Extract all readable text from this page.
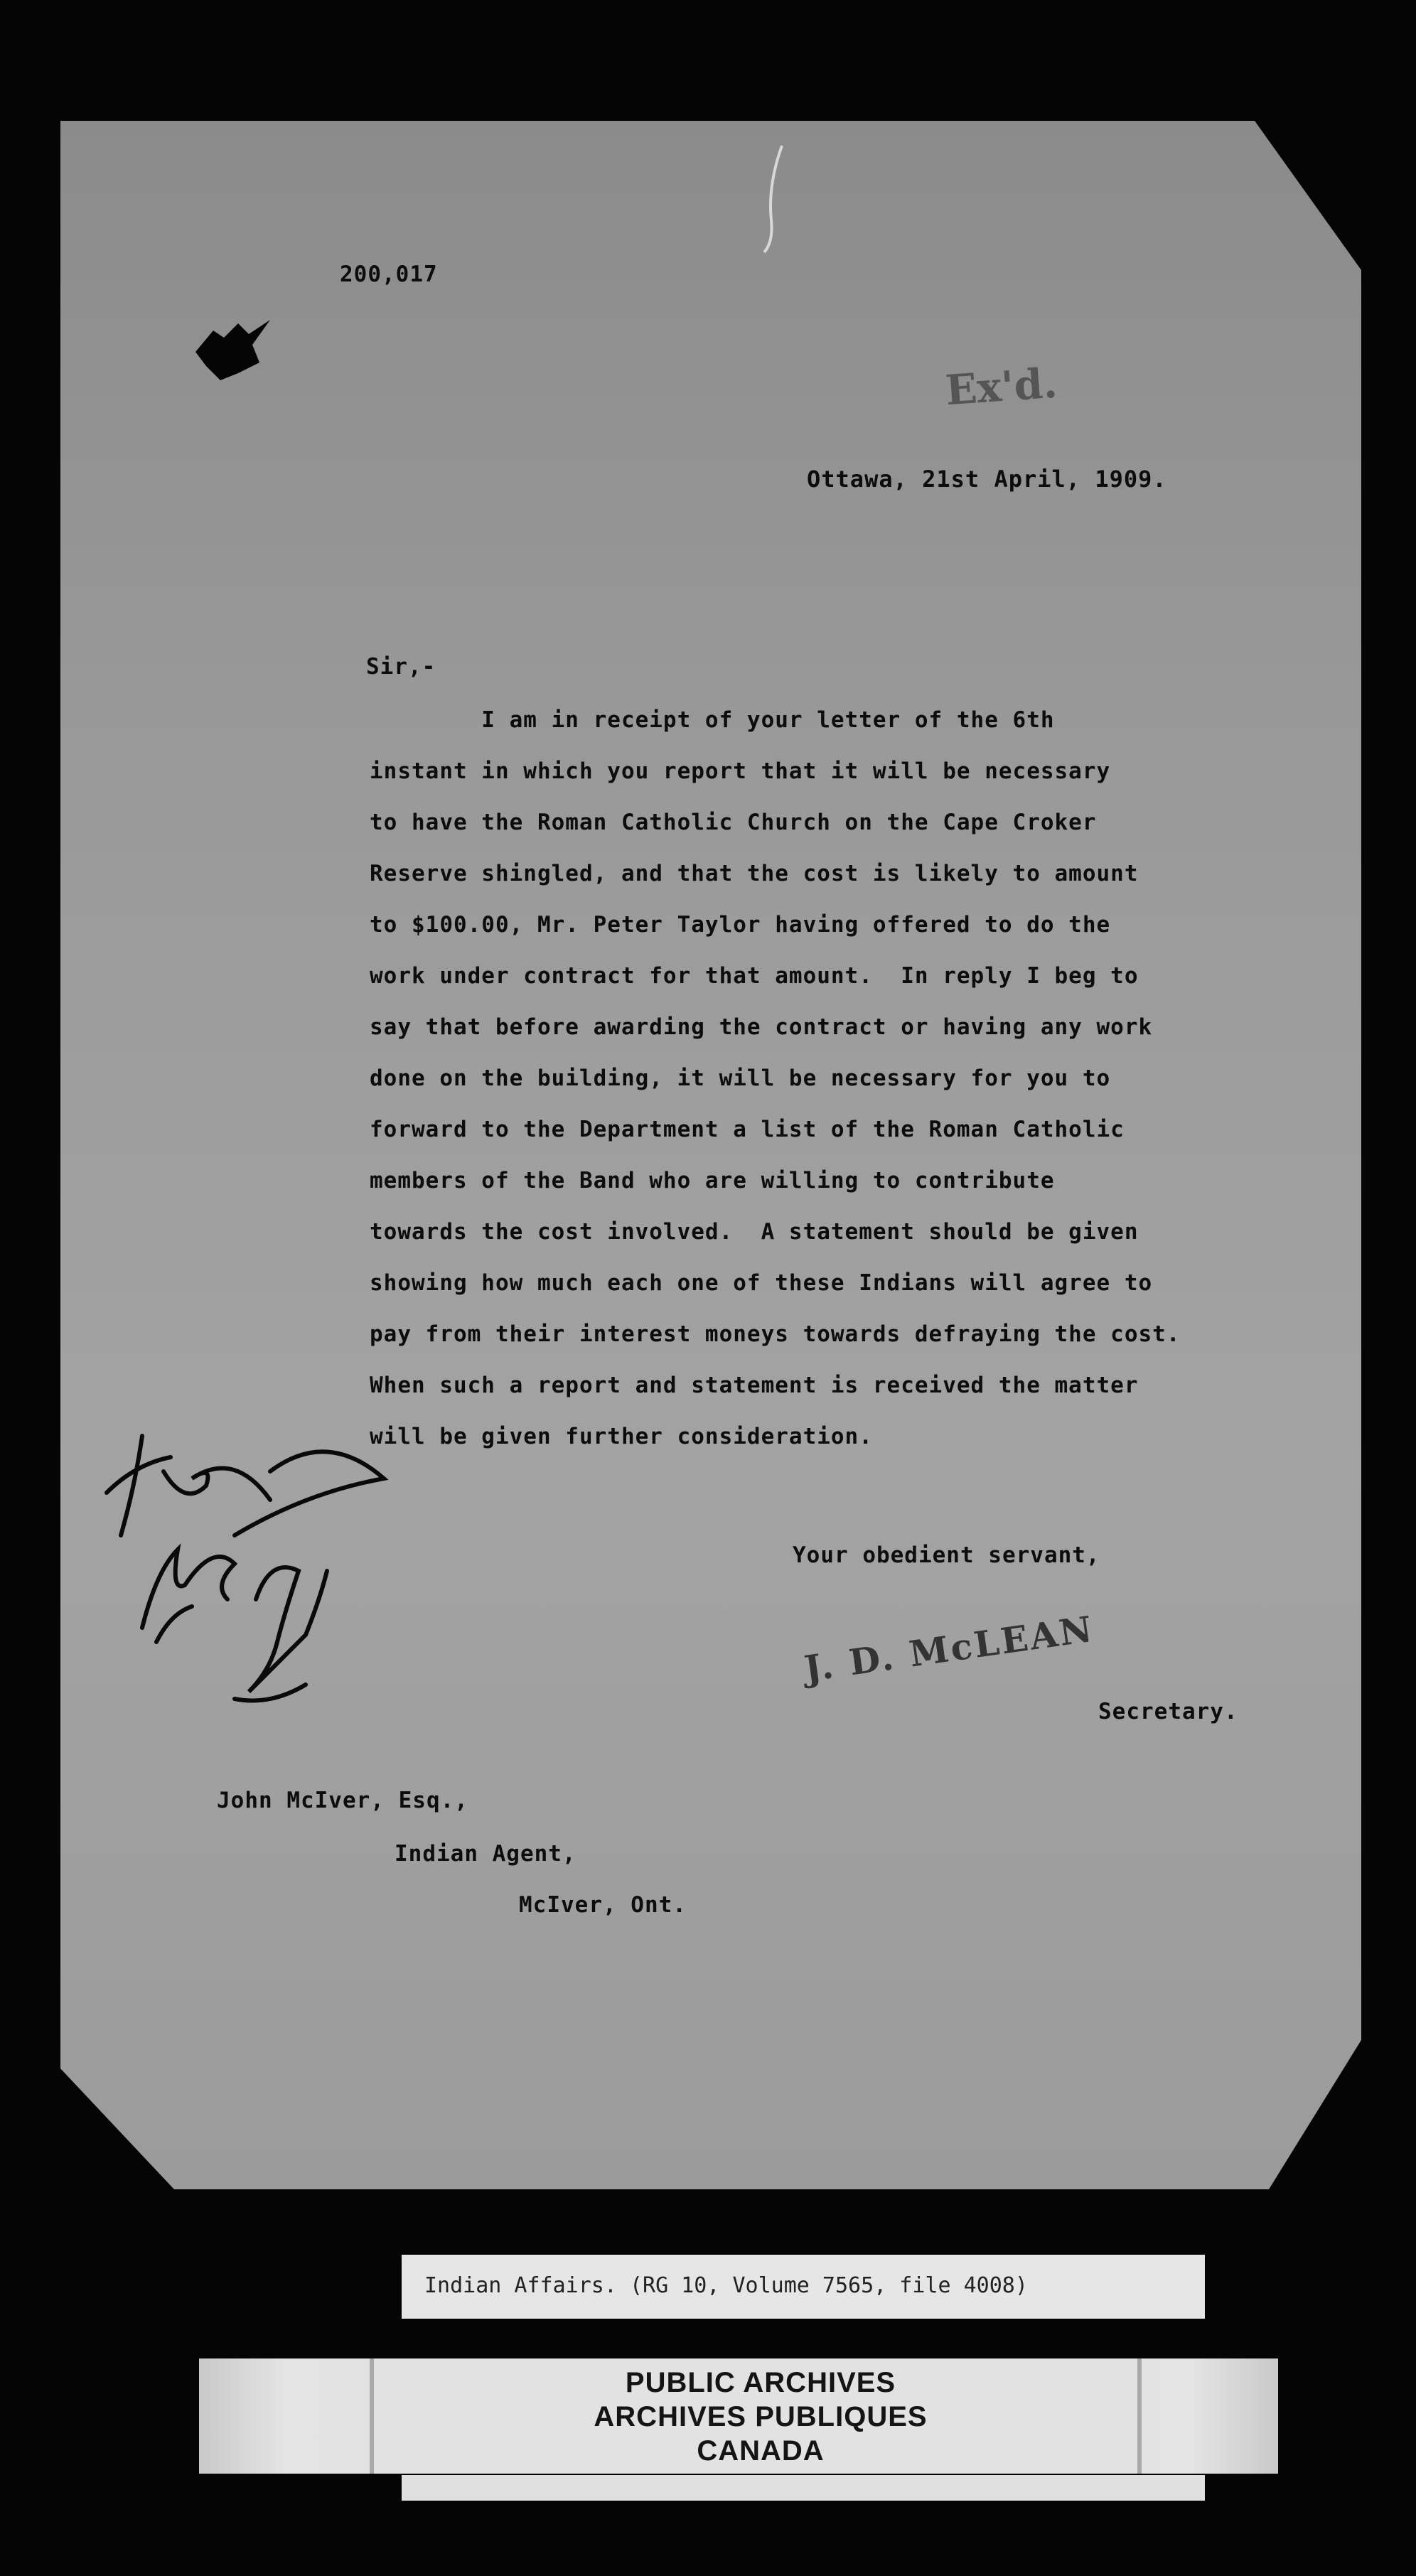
200,017
Ex'd.
Ottawa, 21st April, 1909.
Sir,-
I am in receipt of your letter of the 6th
instant in which you report that it will be necessary
to have the Roman Catholic Church on the Cape Croker
Reserve shingled, and that the cost is likely to amount
to $100.00, Mr. Peter Taylor having offered to do the
work under contract for that amount.  In reply I beg to
say that before awarding the contract or having any work
done on the building, it will be necessary for you to
forward to the Department a list of the Roman Catholic
members of the Band who are willing to contribute
towards the cost involved.  A statement should be given
showing how much each one of these Indians will agree to
pay from their interest moneys towards defraying the cost.
When such a report and statement is received the matter
will be given further consideration.
Your obedient servant,
J. D. McLEAN
Secretary.
John McIver, Esq.,
Indian Agent,
McIver, Ont.
Indian Affairs. (RG 10, Volume 7565, file 4008)
PUBLIC ARCHIVES
ARCHIVES PUBLIQUES
CANADA
